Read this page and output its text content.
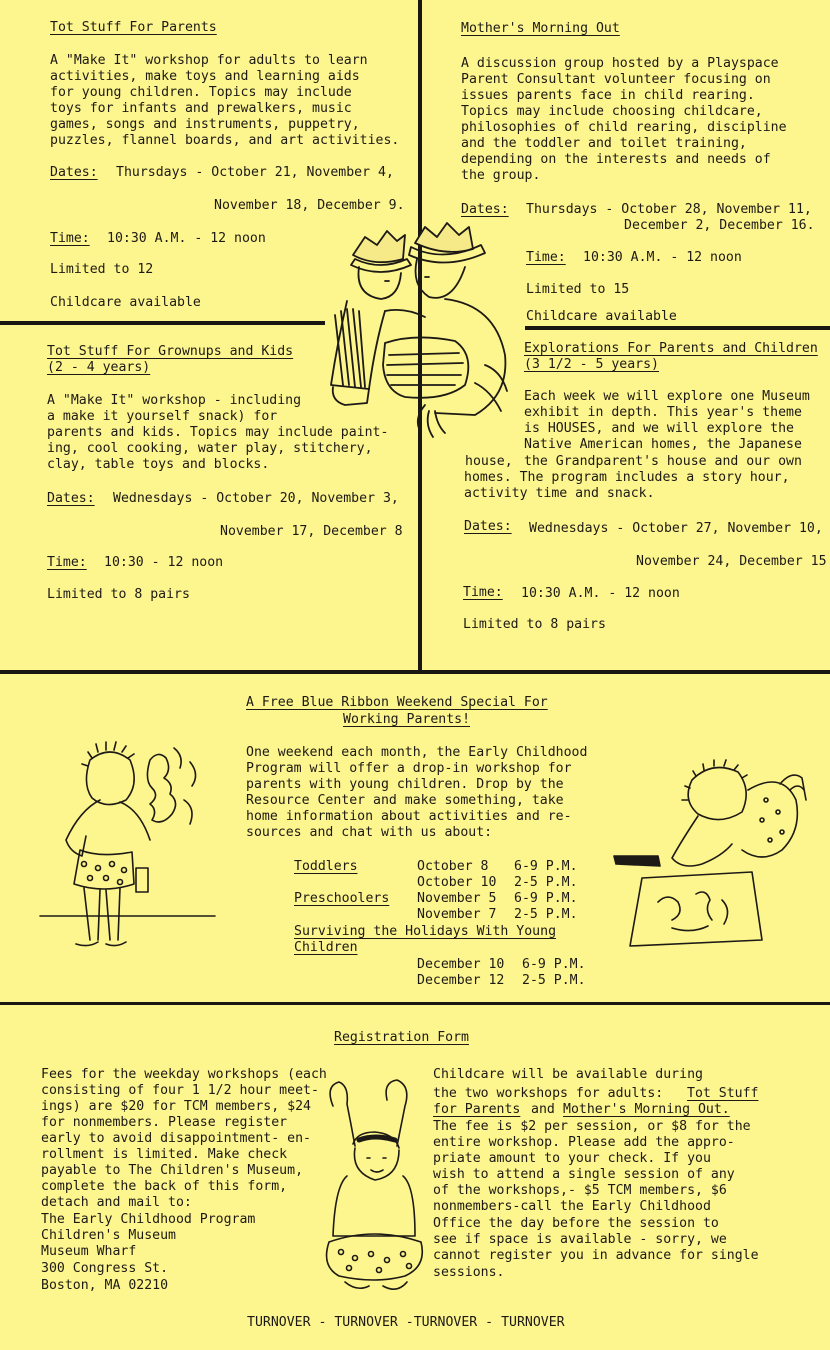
Tot Stuff For Parents
A "Make It" workshop for adults to learn
activities, make toys and learning aids
for young children. Topics may include
toys for infants and prewalkers, music
games, songs and instruments, puppetry,
puzzles, flannel boards, and art activities.
Dates: Thursdays - October 21, November 4,
November 18, December 9.
Time: 10:30 A.M. - 12 noon
Limited to 12
Childcare available
Mother's Morning Out
A discussion group hosted by a Playspace
Parent Consultant volunteer focusing on
issues parents face in child rearing.
Topics may include choosing childcare,
philosophies of child rearing, discipline
and the toddler and toilet training,
depending on the interests and needs of
the group.
Dates: Thursdays - October 28, November 11,
December 2, December 16.
Time: 10:30 A.M. - 12 noon
Limited to 15
Childcare available
Tot Stuff For Grownups and Kids
(2 - 4 years)
A "Make It" workshop - including
a make it yourself snack) for
parents and kids. Topics may include paint-
ing, cool cooking, water play, stitchery,
clay, table toys and blocks.
Dates: Wednesdays - October 20, November 3,
November 17, December 8
Time: 10:30 - 12 noon
Limited to 8 pairs
Explorations For Parents and Children
(3 1/2 - 5 years)
Each week we will explore one Museum
exhibit in depth. This year's theme
is HOUSES, and we will explore the
Native American homes, the Japanese
house, the Grandparent's house and our own
homes. The program includes a story hour,
activity time and snack.
Dates: Wednesdays - October 27, November 10,
November 24, December 15
Time: 10:30 A.M. - 12 noon
Limited to 8 pairs
A Free Blue Ribbon Weekend Special For
Working Parents!
One weekend each month, the Early Childhood
Program will offer a drop-in workshop for
parents with young children. Drop by the
Resource Center and make something, take
home information about activities and re-
sources and chat with us about:
Toddlers	October 8 6-9 P.M.
October 10 2-5 P.M.
Preschoolers November 5 6-9 P.M.
November 7 2-5 P.M.
Surviving the Holidays With Young
Children
December 10 6-9 P.M.
December 12 2-5 P.M.
Registration Form
Fees for the weekday workshops (each
consisting of four 1 1/2 hour meet-
ings) are $20 for TCM members, $24
for nonmembers. Please register
early to avoid disappointment- en-
rollment is limited. Make check
payable to The Children's Museum,
complete the back of this form,
detach and mail to:
The Early Childhood Program
Children's Museum
Museum Wharf
300 Congress St.
Boston, MA 02210
Childcare will be available during
the two workshops for adults: Tot Stuff
for Parents and Mother's Morning Out.
The fee is $2 per session, or $8 for the
entire workshop. Please add the appro-
priate amount to your check. If you
wish to attend a single session of any
of the workshops,- $5 TCM members, $6
nonmembers-call the Early Childhood
Office the day before the session to
see if space is available - sorry, we
cannot register you in advance for single
sessions.
TURNOVER - TURNOVER -TURNOVER - TURNOVER
